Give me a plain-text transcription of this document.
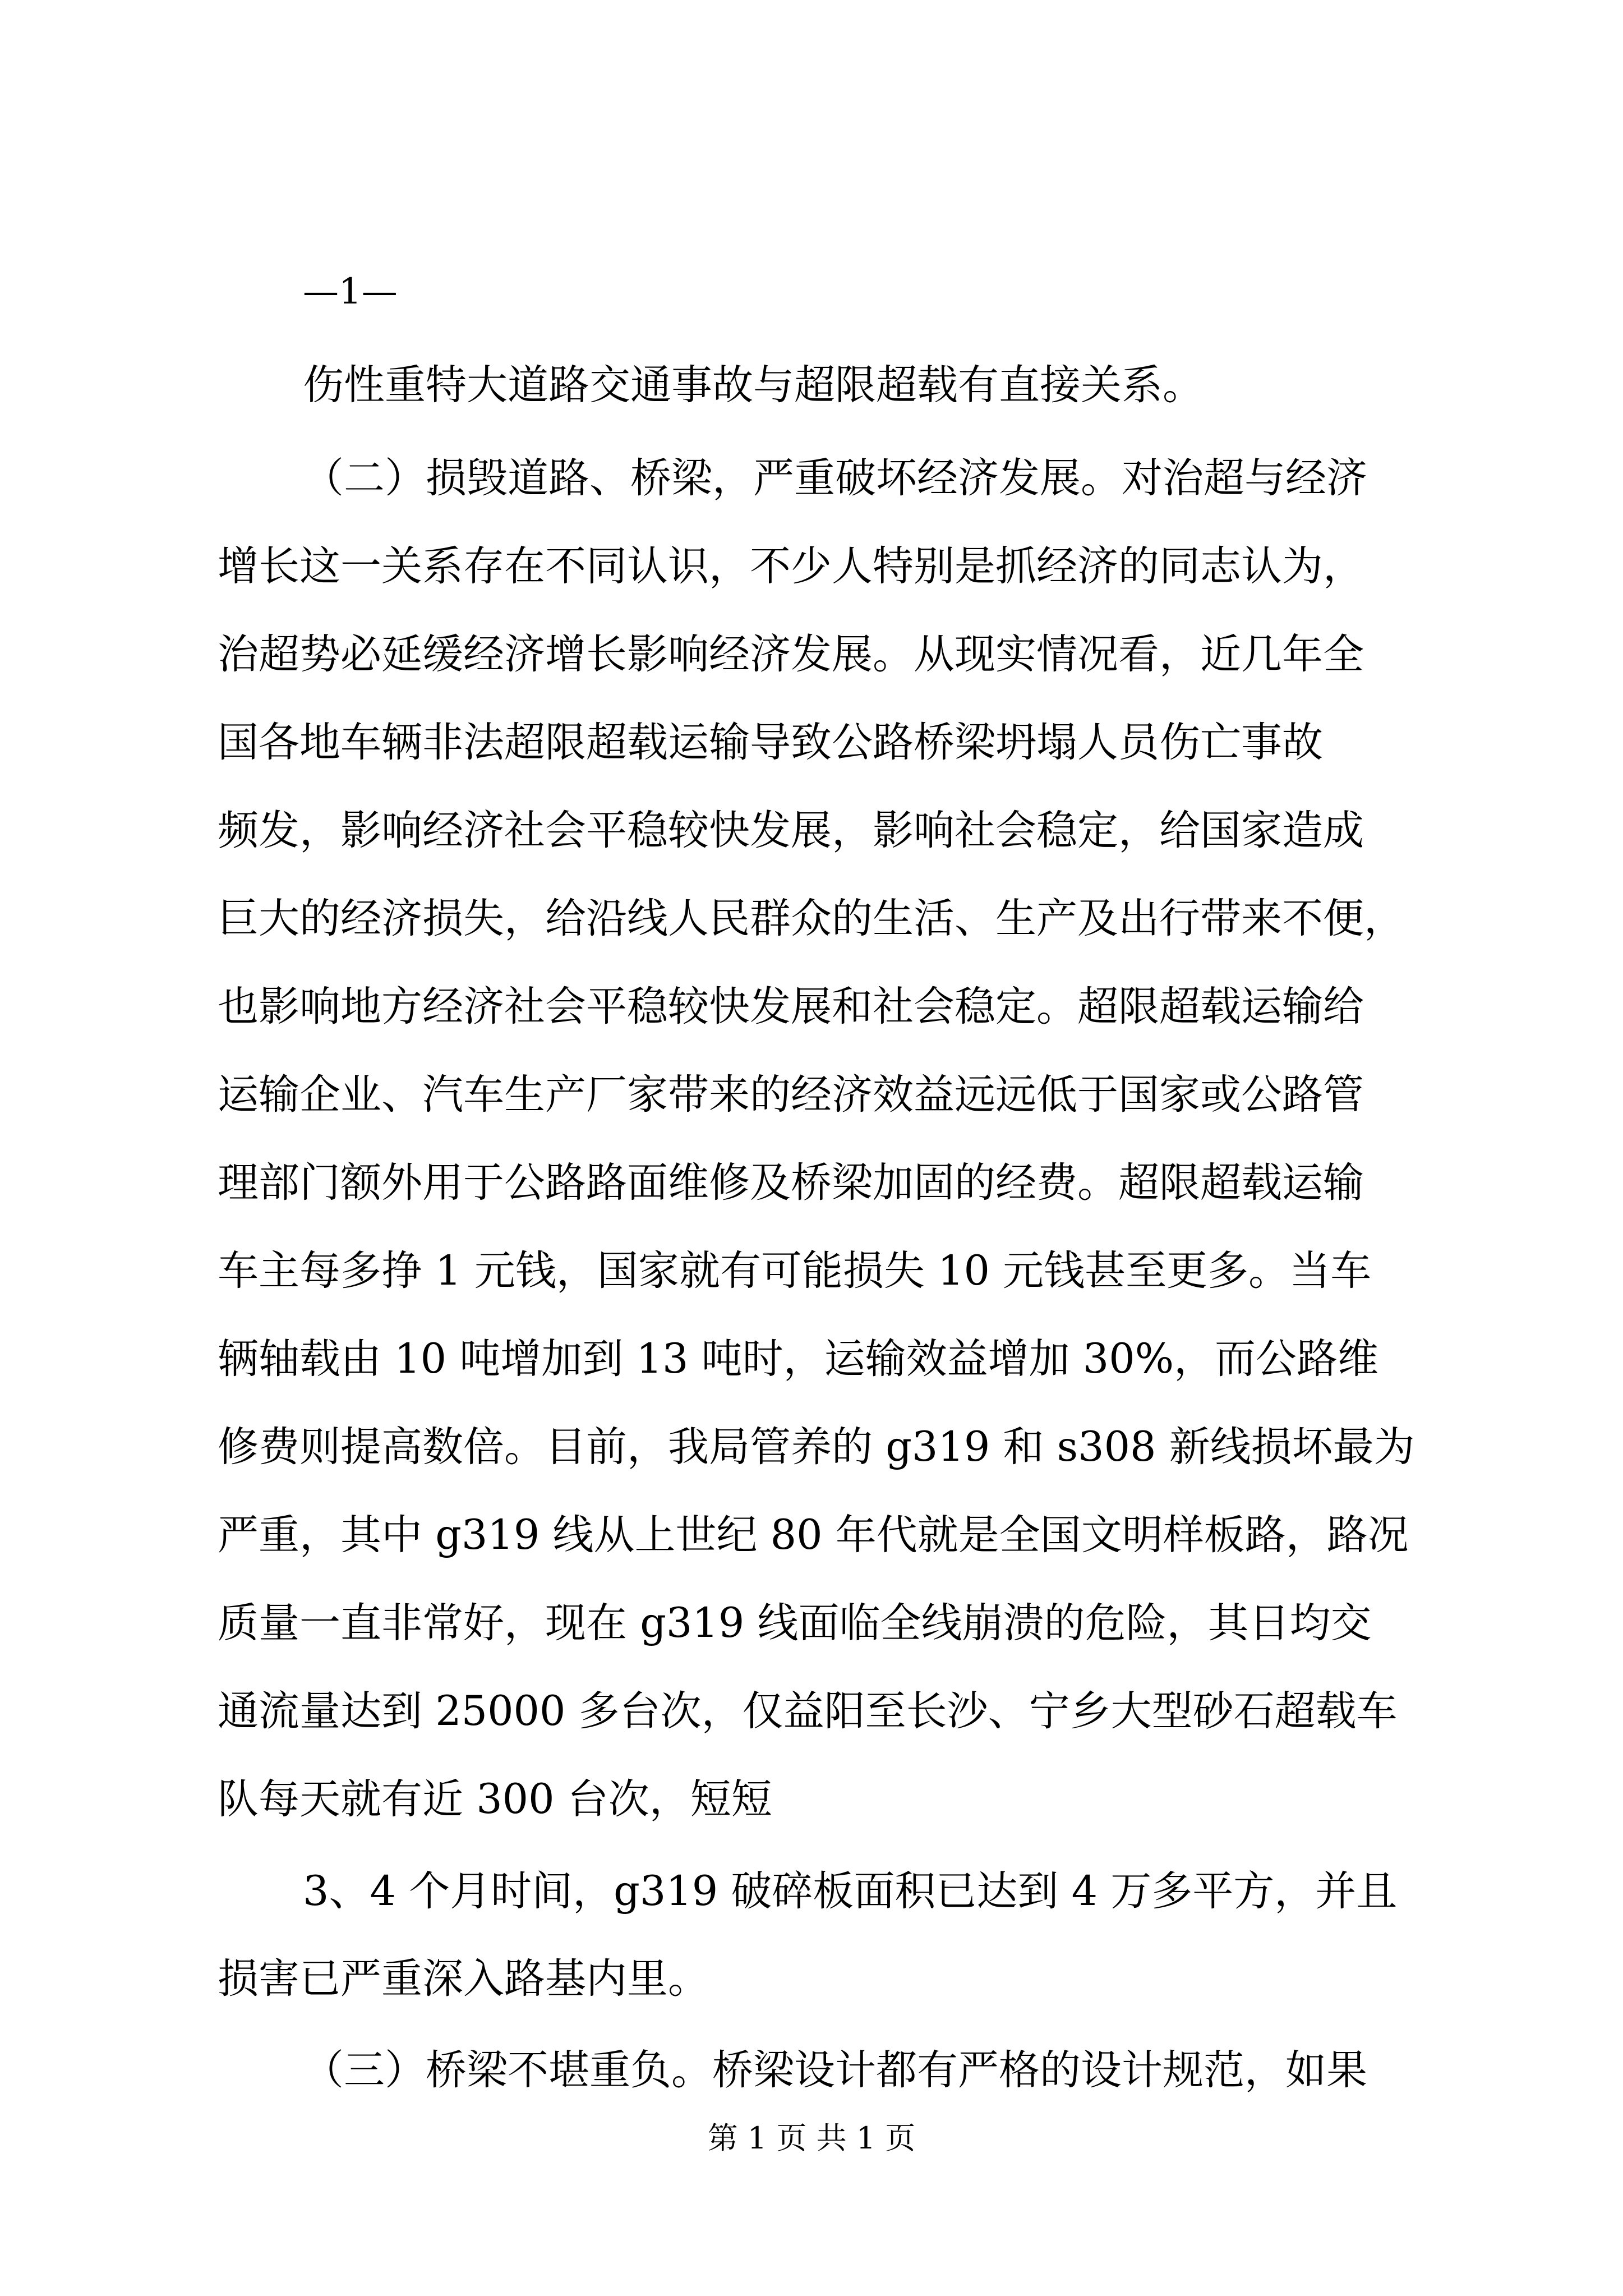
—1—
伤性重特大道路交通事故与超限超载有直接关系。
（二）损毁道路、桥梁，严重破坏经济发展。对治超与经济
增长这一关系存在不同认识，不少人特别是抓经济的同志认为，
治超势必延缓经济增长影响经济发展。从现实情况看，近几年全
国各地车辆非法超限超载运输导致公路桥梁坍塌人员伤亡事故
频发，影响经济社会平稳较快发展，影响社会稳定，给国家造成
巨大的经济损失，给沿线人民群众的生活、生产及出行带来不便，
也影响地方经济社会平稳较快发展和社会稳定。超限超载运输给
运输企业、汽车生产厂家带来的经济效益远远低于国家或公路管
理部门额外用于公路路面维修及桥梁加固的经费。超限超载运输
车主每多挣 1 元钱，国家就有可能损失 10 元钱甚至更多。当车
辆轴载由 10 吨增加到 13 吨时，运输效益增加 30%，而公路维
修费则提高数倍。目前，我局管养的 g319 和 s308 新线损坏最为
严重，其中 g319 线从上世纪 80 年代就是全国文明样板路，路况
质量一直非常好，现在 g319 线面临全线崩溃的危险，其日均交
通流量达到 25000 多台次，仅益阳至长沙、宁乡大型砂石超载车
队每天就有近 300 台次，短短
3、4 个月时间，g319 破碎板面积已达到 4 万多平方，并且
损害已严重深入路基内里。
（三）桥梁不堪重负。桥梁设计都有严格的设计规范，如果
第 1 页 共 1 页
